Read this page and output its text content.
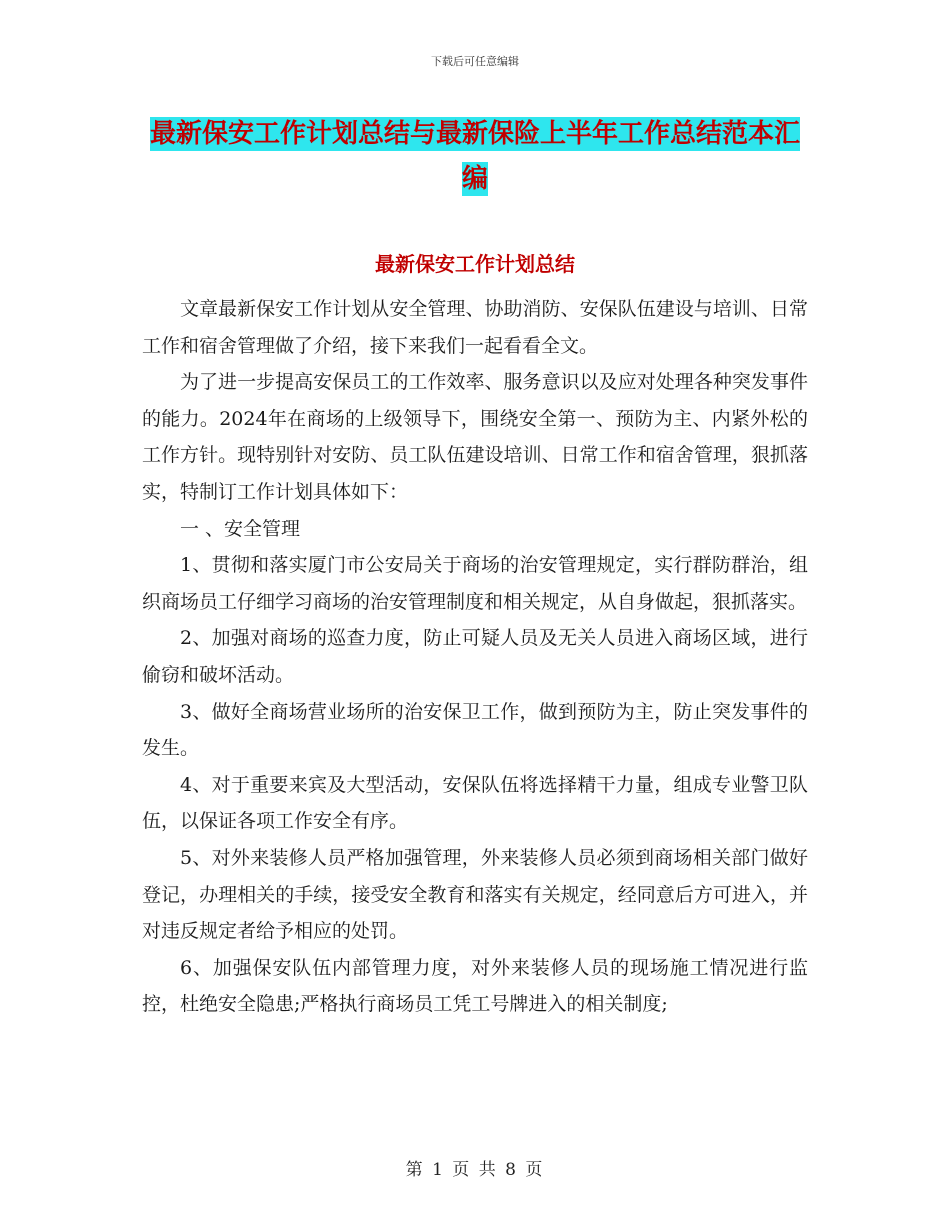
下载后可任意编辑
最新保安工作计划总结与最新保险上半年工作总结范本汇编
最新保安工作计划总结

文章最新保安工作计划从安全管理、协助消防、安保队伍建设与培训、日常工作和宿舍管理做了介绍，接下来我们一起看看全文。

为了进一步提高安保员工的工作效率、服务意识以及应对处理各种突发事件的能力。2024年在商场的上级领导下，围绕安全第一、预防为主、内紧外松的工作方针。现特别针对安防、员工队伍建设培训、日常工作和宿舍管理，狠抓落实，特制订工作计划具体如下：

一 、安全管理

1、贯彻和落实厦门市公安局关于商场的治安管理规定，实行群防群治，组织商场员工仔细学习商场的治安管理制度和相关规定，从自身做起，狠抓落实。

2、加强对商场的巡查力度，防止可疑人员及无关人员进入商场区域，进行偷窃和破坏活动。

3、做好全商场营业场所的治安保卫工作，做到预防为主，防止突发事件的发生。

4、对于重要来宾及大型活动，安保队伍将选择精干力量，组成专业警卫队伍，以保证各项工作安全有序。

5、对外来装修人员严格加强管理，外来装修人员必须到商场相关部门做好登记，办理相关的手续，接受安全教育和落实有关规定，经同意后方可进入，并对违反规定者给予相应的处罚。

6、加强保安队伍内部管理力度，对外来装修人员的现场施工情况进行监控，杜绝安全隐患;严格执行商场员工凭工号牌进入的相关制度;

第 1 页 共 8 页
